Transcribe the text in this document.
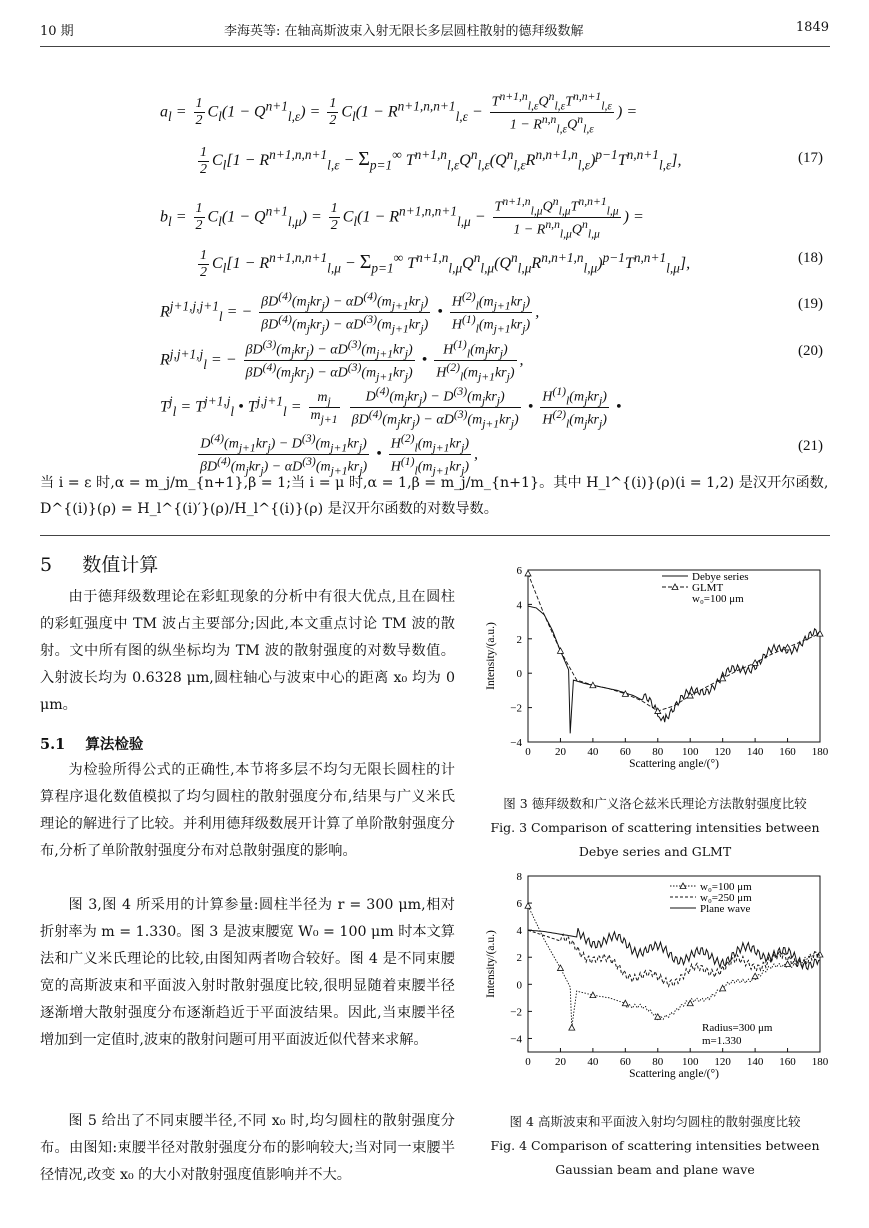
10 期	李海英等: 在轴高斯波束入射无限长多层圆柱散射的德拜级数解	1849
$a_l = \frac{1}{2} C_l(1 - Q^{n+1}_{l,\varepsilon}) = \frac{1}{2} C_l(1 - R^{n+1,n,n+1}_{l,\varepsilon} - \frac{T^{n+1,n}_{l,\varepsilon}Q^n_{l,\varepsilon}T^{n,n+1}_{l,\varepsilon}}{1 - R^{n,n}_{l,\varepsilon}Q^n_{l,\varepsilon}}$ ) =
$\frac{1}{2} C_l[1 - R^{n+1,n,n+1}_{l,\varepsilon} - \Sigma_{p=1}^\infty$ $T^{n+1,n}_{l,\varepsilon}Q^n_{l,\varepsilon}(Q^n_{l,\varepsilon}R^{n,n+1,n}_{l,\varepsilon})^{p-1}T^{n,n+1}_{l,\varepsilon}$],	(17)
$b_l = \frac{1}{2} C_l(1 - Q^{n+1}_{l,\mu}) = \frac{1}{2} C_l(1 - R^{n+1,n,n+1}_{l,\mu} - \frac{T^{n+1,n}_{l,\mu}Q^n_{l,\mu}T^{n,n+1}_{l,\mu}}{1 - R^{n,n}_{l,\mu}Q^n_{l,\mu}}$ ) =
$\frac{1}{2} C_l[1 - R^{n+1,n,n+1}_{l,\mu} - \Sigma_{p=1}^\infty$ $T^{n+1,n}_{l,\mu}Q^n_{l,\mu}(Q^n_{l,\mu}R^{n,n+1,n}_{l,\mu})^{p-1}T^{n,n+1}_{l,\mu}$],	(18)
$R^{j+1,j,j+1}_l$ = − $\frac{\beta D^{(4)}(m_jkr_j) - \alpha D^{(4)}(m_{j+1}kr_j)}{\beta D^{(4)}(m_jkr_j) - \alpha D^{(3)}(m_{j+1}kr_j)}$ • $\frac{H^{(2)}_l(m_{j+1}kr_j)}{H^{(1)}_l(m_{j+1}kr_j)}$ ,	(19)
$R^{j,j+1,j}_l$ = − $\frac{\beta D^{(3)}(m_jkr_j) - \alpha D^{(3)}(m_{j+1}kr_j)}{\beta D^{(4)}(m_jkr_j) - \alpha D^{(3)}(m_{j+1}kr_j)}$ • $\frac{H^{(1)}_l(m_jkr_j)}{H^{(2)}_l(m_{j+1}kr_j)}$ ,
(20)
$T^j_l = T^{j+1,j}_l$ • $T^{j,j+1}_l = \frac{m_j}{m_{j+1}}$
$\frac{D^{(4)}(m_jkr_j) - D^{(3)}(m_jkr_j)}{\beta D^{(4)}(m_jkr_j) - \alpha D^{(3)}(m_{j+1}kr_j)}$ • $\frac{H^{(1)}_l(m_jkr_j)}{H^{(2)}_l(m_jkr_j)}$ •
$\frac{D^{(4)}(m_{j+1}kr_j) - D^{(3)}(m_{j+1}kr_j)}{\beta D^{(4)}(m_jkr_j) - \alpha D^{(3)}(m_{j+1}kr_j)}$ • $\frac{H^{(2)}_l(m_{j+1}kr_j)}{H^{(1)}_l(m_{j+1}kr_j)}$ ,	(21)
当 i = ε 时,α = m_j/m_{n+1},β = 1;当 i = μ 时,α = 1,β = m_j/m_{n+1}。其中 H_l^{(i)}(ρ)(i = 1,2) 是汉开尔函数,
D^{(i)}(ρ) = H_l^{(i)′}(ρ)/H_l^{(i)}(ρ) 是汉开尔函数的对数导数。
5 数值计算
由于德拜级数理论在彩虹现象的分析中有很大优点,且在圆柱的彩虹强度中 TM 波占主要部分;因此,本文重点讨论 TM 波的散射。文中所有图的纵坐标均为 TM 波的散射强度的对数导数值。入射波长均为 0.6328 μm,圆柱轴心与波束中心的距离 x₀ 均为 0 μm。
5.1 算法检验
为检验所得公式的正确性,本节将多层不均匀无限长圆柱的计算程序退化数值模拟了均匀圆柱的散射强度分布,结果与广义米氏理论的解进行了比较。并利用德拜级数展开计算了单阶散射强度分布,分析了单阶散射强度分布对总散射强度的影响。
图 3,图 4 所采用的计算参量:圆柱半径为 r = 300 μm,相对折射率为 m = 1.330。图 3 是波束腰宽 W₀ = 100 μm 时本文算法和广义米氏理论的比较,由图知两者吻合较好。图 4 是不同束腰宽的高斯波束和平面波入射时散射强度比较,很明显随着束腰半径逐渐增大散射强度分布逐渐趋近于平面波结果。因此,当束腰半径增加到一定值时,波束的散射问题可用平面波近似代替来求解。
图 5 给出了不同束腰半径,不同 x₀ 时,均匀圆柱的散射强度分布。由图知:束腰半径对散射强度分布的影响较大;当对同一束腰半径情况,改变 x₀ 的大小对散射强度值影响并不大。
0 20 40 60 80 100 120 140 160 180
−4
−2
0
2
4
6
Scattering angle/(°)
Intensity/(a.u.)
Debye series
GLMT
w₀=100 μm
图 3 德拜级数和广义洛仑兹米氏理论方法散射强度比较
Fig. 3 Comparison of scattering intensities between
Debye series and GLMT
0 20 40 60 80 100 120 140 160 180
−4
−2
0
2
4
6
8
Scattering angle/(°)
Intensity/(a.u.)
w₀=100 μm
w₀=250 μm
Plane wave
Radius=300 μm
m=1.330
图 4 高斯波束和平面波入射均匀圆柱的散射强度比较
Fig. 4 Comparison of scattering intensities between
Gaussian beam and plane wave
